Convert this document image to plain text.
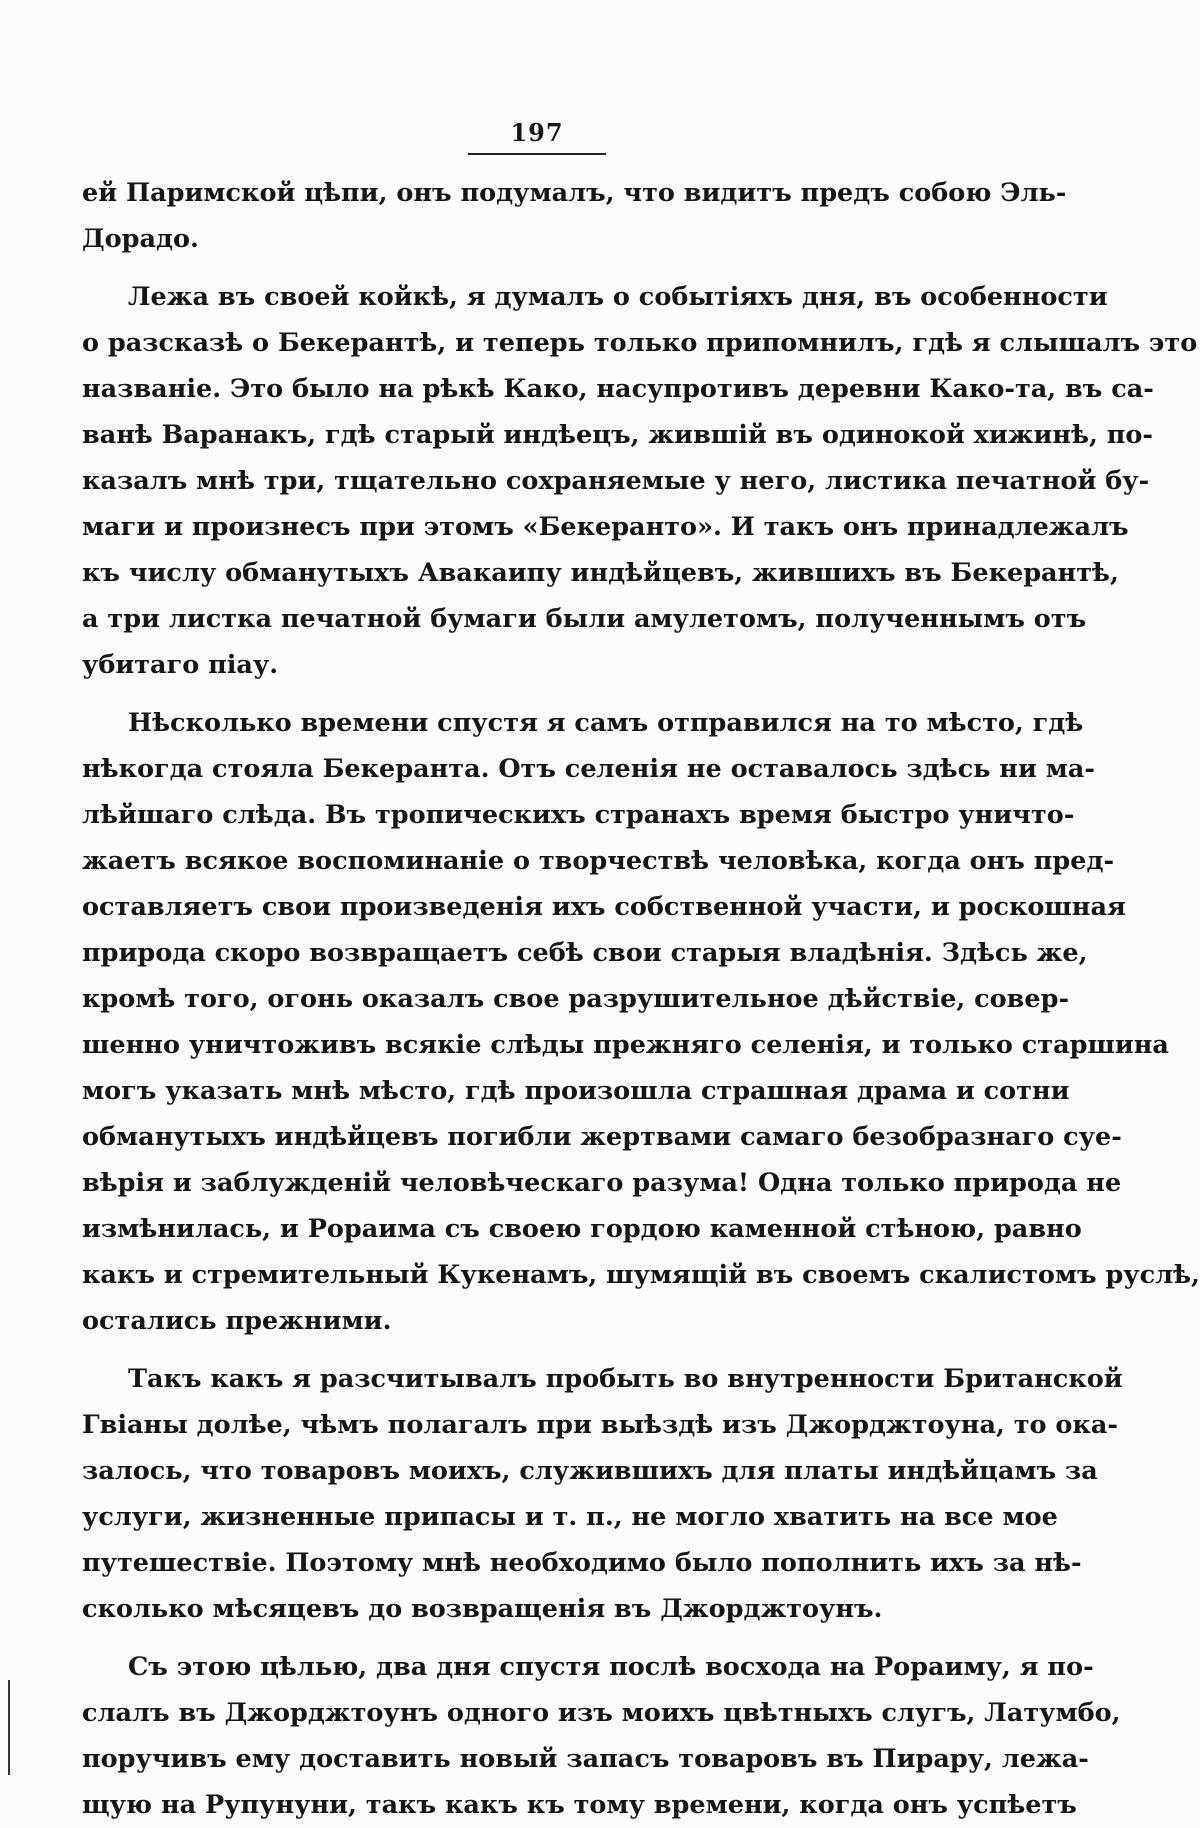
197
ей Паримской цѣпи, онъ подумалъ, что видитъ предъ собою Эль-
Дорадо.
Лежа въ своей койкѣ, я думалъ о событіяхъ дня, въ особенности
о разсказѣ о Бекерантѣ, и теперь только припомнилъ, гдѣ я слышалъ это
названіе. Это было на рѣкѣ Како, насупротивъ деревни Како-та, въ са-
ванѣ Варанакъ, гдѣ старый индѣецъ, жившій въ одинокой хижинѣ, по-
казалъ мнѣ три, тщательно сохраняемые у него, листика печатной бу-
маги и произнесъ при этомъ «Бекеранто». И такъ онъ принадлежалъ
къ числу обманутыхъ Авакаипу индѣйцевъ, жившихъ въ Бекерантѣ,
а три листка печатной бумаги были амулетомъ, полученнымъ отъ
убитаго піау.
Нѣсколько времени спустя я самъ отправился на то мѣсто, гдѣ
нѣкогда стояла Бекеранта. Отъ селенія не оставалось здѣсь ни ма-
лѣйшаго слѣда. Въ тропическихъ странахъ время быстро уничто-
жаетъ всякое воспоминаніе о творчествѣ человѣка, когда онъ пред-
оставляетъ свои произведенія ихъ собственной участи, и роскошная
природа скоро возвращаетъ себѣ свои старыя владѣнія. Здѣсь же,
кромѣ того, огонь оказалъ свое разрушительное дѣйствіе, совер-
шенно уничтоживъ всякіе слѣды прежняго селенія, и только старшина
могъ указать мнѣ мѣсто, гдѣ произошла страшная драма и сотни
обманутыхъ индѣйцевъ погибли жертвами самаго безобразнаго суе-
вѣрія и заблужденій человѣческаго разума! Одна только природа не
измѣнилась, и Рораима съ своею гордою каменной стѣною, равно
какъ и стремительный Кукенамъ, шумящій въ своемъ скалистомъ руслѣ,
остались прежними.
Такъ какъ я разсчитывалъ пробыть во внутренности Британской
Гвіаны долѣе, чѣмъ полагалъ при выѣздѣ изъ Джорджтоуна, то ока-
залось, что товаровъ моихъ, служившихъ для платы индѣйцамъ за
услуги, жизненные припасы и т. п., не могло хватить на все мое
путешествіе. Поэтому мнѣ необходимо было пополнить ихъ за нѣ-
сколько мѣсяцевъ до возвращенія въ Джорджтоунъ.
Съ этою цѣлью, два дня спустя послѣ восхода на Рораиму, я по-
слалъ въ Джорджтоунъ одного изъ моихъ цвѣтныхъ слугъ, Латумбо,
поручивъ ему доставить новый запасъ товаровъ въ Пирару, лежа-
щую на Рупунуни, такъ какъ къ тому времени, когда онъ успѣетъ
